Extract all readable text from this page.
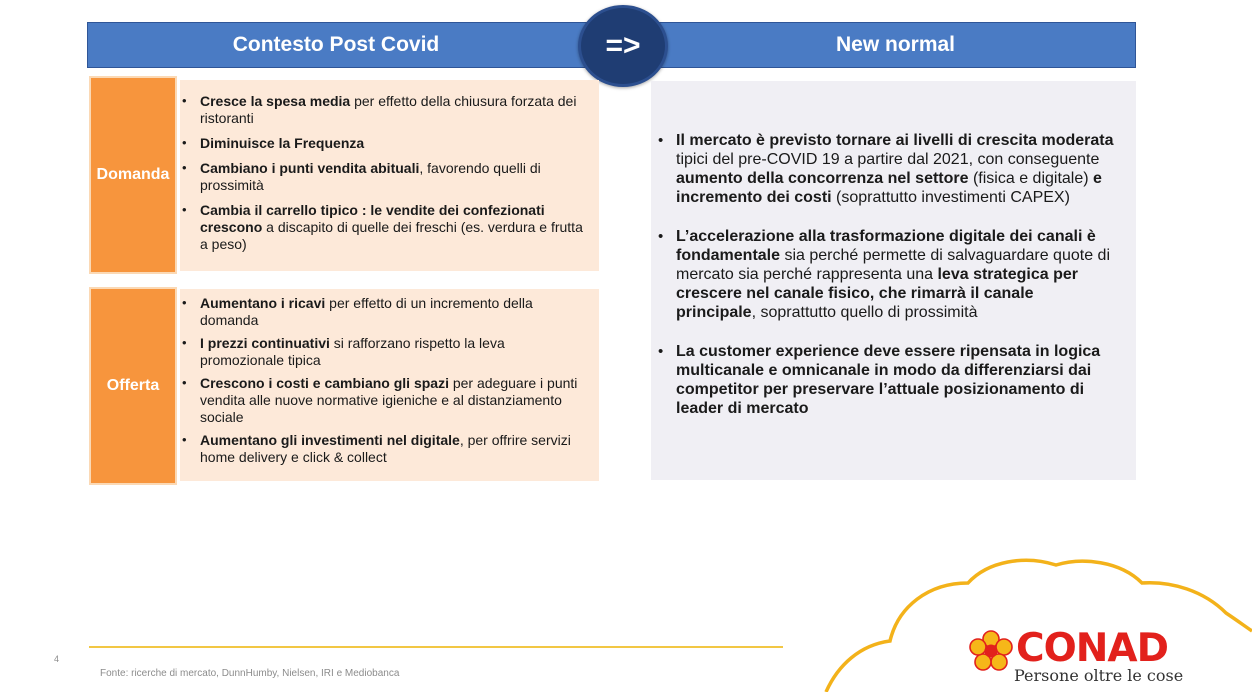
Contesto Post Covid	New normal
=>
Domanda
• Cresce la spesa media per effetto della chiusura forzata dei ristoranti
• Diminuisce la Frequenza
• Cambiano i punti vendita abituali, favorendo quelli di prossimità
• Cambia il carrello tipico : le vendite dei confezionati crescono a discapito di quelle dei freschi (es. verdura e frutta a peso)
Offerta
• Aumentano i ricavi per effetto di un incremento della domanda
• I prezzi continuativi si rafforzano rispetto la leva promozionale tipica
• Crescono i costi e cambiano gli spazi per adeguare i punti vendita alle nuove normative igieniche e al distanziamento sociale
• Aumentano gli investimenti nel digitale, per offrire servizi home delivery e click & collect
• Il mercato è previsto tornare ai livelli di crescita moderata tipici del pre-COVID 19 a partire dal 2021, con conseguente aumento della concorrenza nel settore (fisica e digitale) e incremento dei costi (soprattutto investimenti CAPEX)
• L’accelerazione alla trasformazione digitale dei canali è fondamentale sia perché permette di salvaguardare quote di mercato sia perché rappresenta una leva strategica per crescere nel canale fisico, che rimarrà il canale principale, soprattutto quello di prossimità
• La customer experience deve essere ripensata in logica multicanale e omnicanale in modo da differenziarsi dai competitor per preservare l’attuale posizionamento di leader di mercato
4
Fonte: ricerche di mercato, DunnHumby, Nielsen, IRI e Mediobanca
CONAD
Persone oltre le cose
